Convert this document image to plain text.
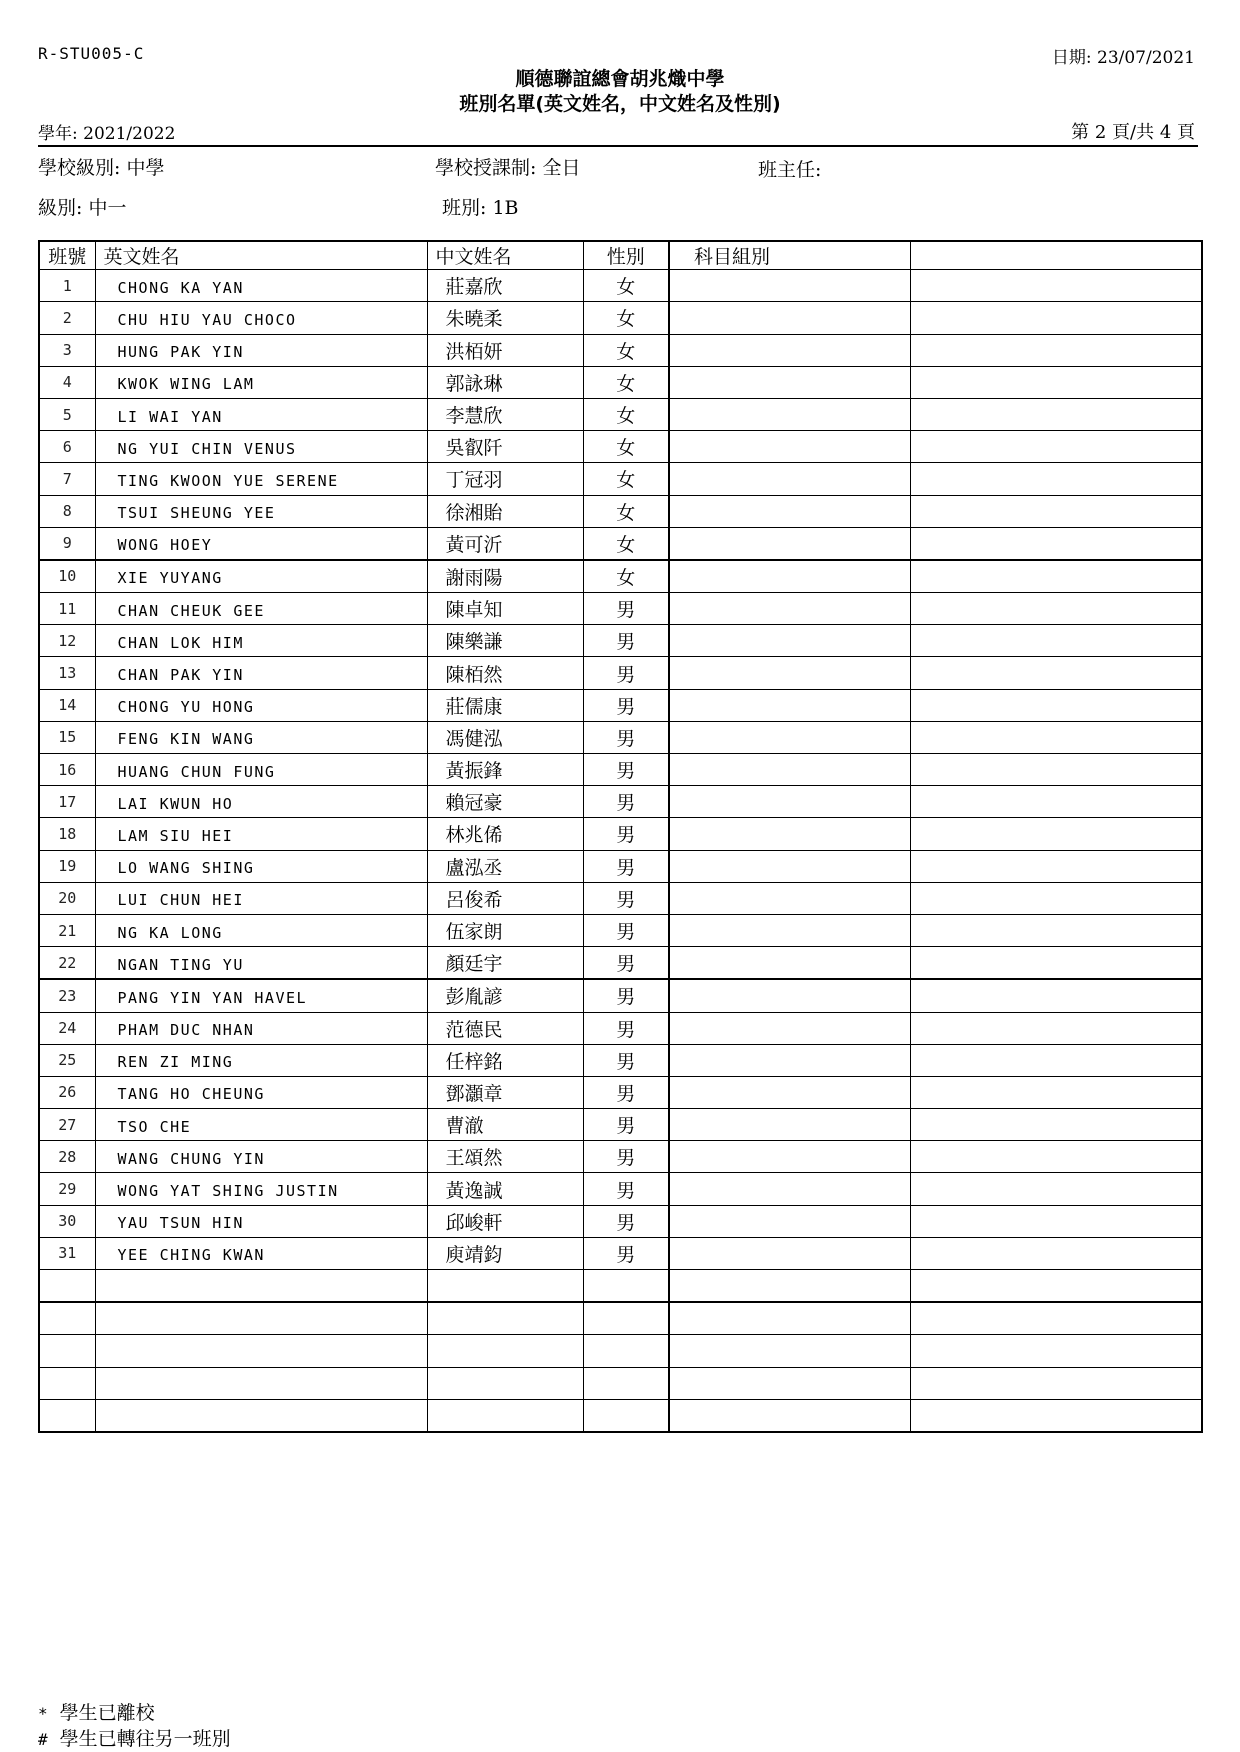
R-STU005-C	日期: 23/07/2021
順德聯誼總會胡兆熾中學
班別名單(英文姓名，中文姓名及性別)
學年: 2021/2022	第 2 頁/共 4 頁
學校級別: 中學	學校授課制: 全日	班主任:
級別: 中一	班別: 1B
班號	英文姓名	中文姓名	性別	科目組別	
1	CHONG KA YAN	莊嘉欣	女		
2	CHU HIU YAU CHOCO	朱曉柔	女		
3	HUNG PAK YIN	洪栢妍	女		
4	KWOK WING LAM	郭詠琳	女		
5	LI WAI YAN	李慧欣	女		
6	NG YUI CHIN VENUS	吳叡阡	女		
7	TING KWOON YUE SERENE	丁冠羽	女		
8	TSUI SHEUNG YEE	徐湘貽	女		
9	WONG HOEY	黃可沂	女		
10	XIE YUYANG	謝雨陽	女		
11	CHAN CHEUK GEE	陳卓知	男		
12	CHAN LOK HIM	陳樂謙	男		
13	CHAN PAK YIN	陳栢然	男		
14	CHONG YU HONG	莊儒康	男		
15	FENG KIN WANG	馮健泓	男		
16	HUANG CHUN FUNG	黃振鋒	男		
17	LAI KWUN HO	賴冠豪	男		
18	LAM SIU HEI	林兆俙	男		
19	LO WANG SHING	盧泓丞	男		
20	LUI CHUN HEI	呂俊希	男		
21	NG KA LONG	伍家朗	男		
22	NGAN TING YU	顏廷宇	男		
23	PANG YIN YAN HAVEL	彭胤諺	男		
24	PHAM DUC NHAN	范德民	男		
25	REN ZI MING	任梓銘	男		
26	TANG HO CHEUNG	鄧灝章	男		
27	TSO CHE	曹澈	男		
28	WANG CHUNG YIN	王頌然	男		
29	WONG YAT SHING JUSTIN	黃逸誠	男		
30	YAU TSUN HIN	邱峻軒	男		
31	YEE CHING KWAN	庾靖鈞	男		

* 學生已離校
# 學生已轉往另一班別
